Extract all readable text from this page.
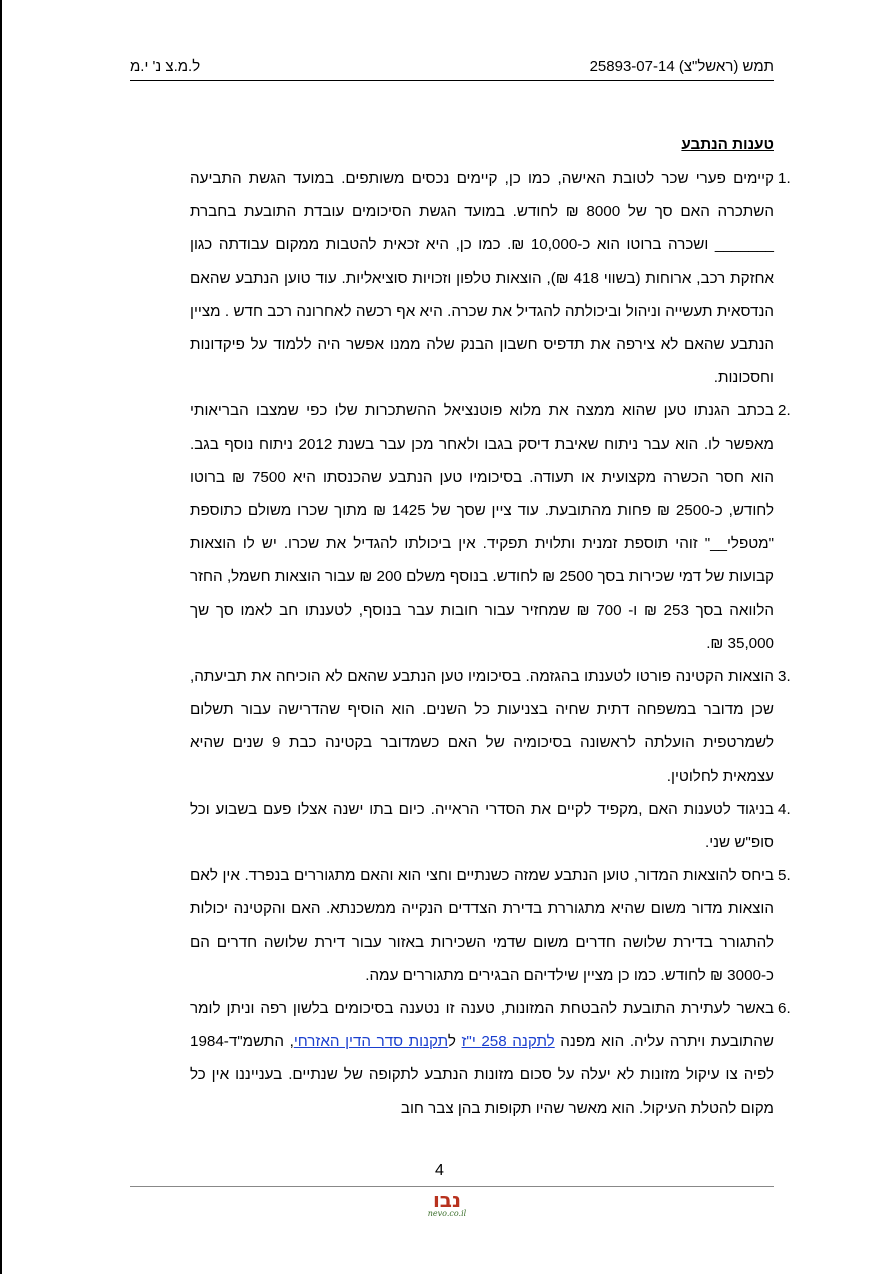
תמש (ראשל"צ) 25893-07-14
ל.מ.צ נ' י.מ
טענות הנתבע
1.
קיימים פערי שכר לטובת האישה, כמו כן, קיימים נכסים משותפים. במועד הגשת התביעה השתכרה האם סך של 8000 ₪ לחודש. במועד הגשת הסיכומים עובדת התובעת בחברת _______ ושכרה ברוטו הוא כ-10,000 ₪. כמו כן, היא זכאית להטבות ממקום עבודתה כגון אחזקת רכב, ארוחות (בשווי 418 ₪), הוצאות טלפון וזכויות סוציאליות. עוד טוען הנתבע שהאם הנדסאית תעשייה וניהול וביכולתה להגדיל את שכרה. היא אף רכשה לאחרונה רכב חדש . מציין הנתבע שהאם לא צירפה את תדפיס חשבון הבנק שלה ממנו אפשר היה ללמוד על פיקדונות וחסכונות.
2.
בכתב הגנתו טען שהוא ממצה את מלוא פוטנציאל ההשתכרות שלו כפי שמצבו הבריאותי מאפשר לו. הוא עבר ניתוח שאיבת דיסק בגבו ולאחר מכן עבר בשנת 2012 ניתוח נוסף בגב. הוא חסר הכשרה מקצועית או תעודה. בסיכומיו טען הנתבע שהכנסתו היא 7500 ₪ ברוטו לחודש, כ-2500 ₪ פחות מהתובעת. עוד ציין שסך של 1425 ₪ מתוך שכרו משולם כתוספת "מטפלי__" זוהי תוספת זמנית ותלוית תפקיד. אין ביכולתו להגדיל את שכרו. יש לו הוצאות קבועות של דמי שכירות בסך 2500 ₪ לחודש. בנוסף משלם 200 ₪ עבור הוצאות חשמל, החזר הלוואה בסך 253 ₪ ו- 700 ₪ שמחזיר עבור חובות עבר בנוסף, לטענתו חב לאמו סך שך 35,000 ₪.
3.
הוצאות הקטינה פורטו לטענתו בהגזמה. בסיכומיו טען הנתבע שהאם לא הוכיחה את תביעתה, שכן מדובר במשפחה דתית שחיה בצניעות כל השנים. הוא הוסיף שהדרישה עבור תשלום לשמרטפית הועלתה לראשונה בסיכומיה של האם כשמדובר בקטינה כבת 9 שנים שהיא עצמאית לחלוטין.
4.
בניגוד לטענות האם ,מקפיד לקיים את הסדרי הראייה. כיום בתו ישנה אצלו פעם בשבוע וכל סופ"ש שני.
5.
ביחס להוצאות המדור, טוען הנתבע שמזה כשנתיים וחצי הוא והאם מתגוררים בנפרד. אין לאם הוצאות מדור משום שהיא מתגוררת בדירת הצדדים הנקייה ממשכנתא. האם והקטינה יכולות להתגורר בדירת שלושה חדרים משום שדמי השכירות באזור עבור דירת שלושה חדרים הם כ-3000 ₪ לחודש. כמו כן מציין שילדיהם הבגירים מתגוררים עמה.
6.
באשר לעתירת התובעת להבטחת המזונות, טענה זו נטענה בסיכומים בלשון רפה וניתן לומר שהתובעת ויתרה עליה. הוא מפנה לתקנה 258 י"ז לתקנות סדר הדין האזרחי, התשמ"ד-1984 לפיה צו עיקול מזונות לא יעלה על סכום מזונות הנתבע לתקופה של שנתיים. בענייננו אין כל מקום להטלת העיקול. הוא מאשר שהיו תקופות בהן צבר חוב
4
נבו
nevo.co.il
